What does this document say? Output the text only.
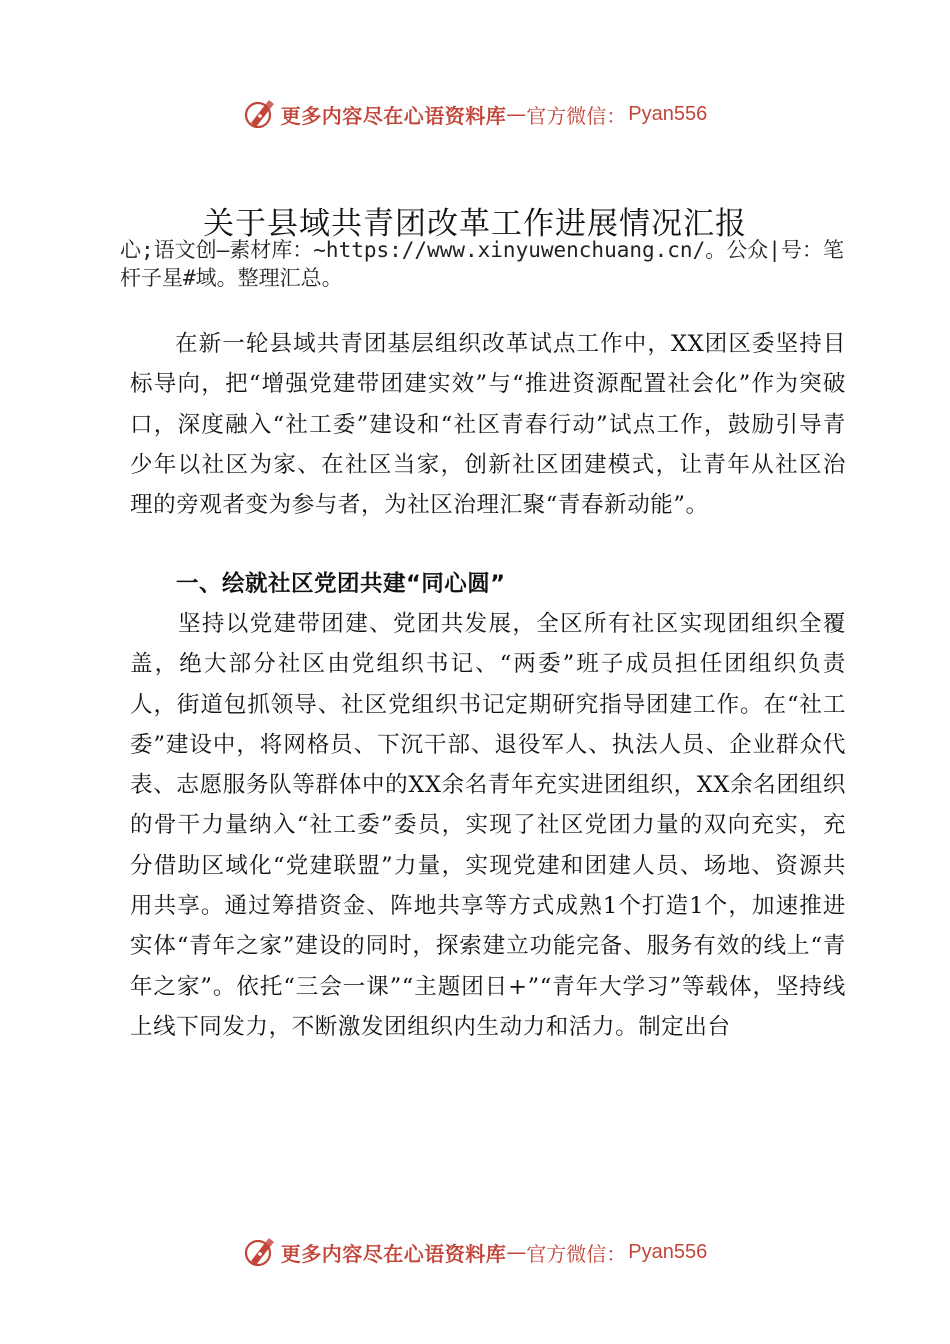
更多内容尽在心语资料库 — 官方微信： Pyan556
关于县域共青团改革工作进展情况汇报

心;语文创—素材库：~https://www.xinyuwenchuang.cn/。公众|号：笔杆子星#域。整理汇总。

在新一轮县域共青团基层组织改革试点工作中，XX团区委坚持目标导向，把“增强党建带团建实效”与“推进资源配置社会化”作为突破口，深度融入“社工委”建设和“社区青春行动”试点工作，鼓励引导青少年以社区为家、在社区当家，创新社区团建模式，让青年从社区治理的旁观者变为参与者，为社区治理汇聚“青春新动能”。

一、绘就社区党团共建“同心圆”

坚持以党建带团建、党团共发展，全区所有社区实现团组织全覆盖，绝大部分社区由党组织书记、“两委”班子成员担任团组织负责人，街道包抓领导、社区党组织书记定期研究指导团建工作。在“社工委”建设中，将网格员、下沉干部、退役军人、执法人员、企业群众代表、志愿服务队等群体中的XX余名青年充实进团组织，XX余名团组织的骨干力量纳入“社工委”委员，实现了社区党团力量的双向充实，充分借助区域化“党建联盟”力量，实现党建和团建人员、场地、资源共用共享。通过筹措资金、阵地共享等方式成熟1个打造1个，加速推进实体“青年之家”建设的同时，探索建立功能完备、服务有效的线上“青年之家”。依托“三会一课”“主题团日+”“青年大学习”等载体，坚持线上线下同发力，不断激发团组织内生动力和活力。制定出台

更多内容尽在心语资料库 — 官方微信： Pyan556
